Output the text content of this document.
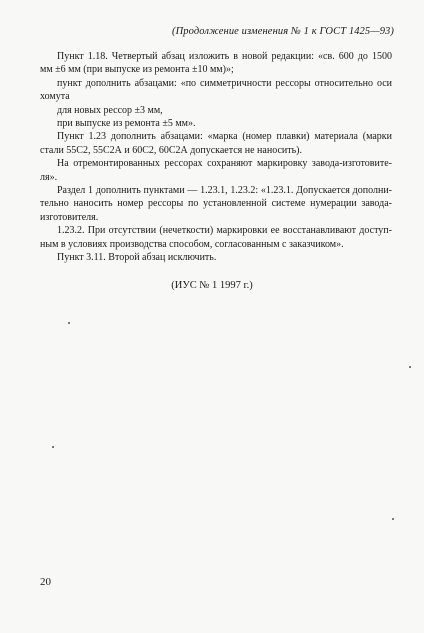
(Продолжение изменения № 1 к ГОСТ 1425—93)
Пункт 1.18. Четвертый абзац изложить в новой редакции: «св. 600 до 1500
мм ±6 мм (при выпуске из ремонта ±10 мм)»;
пункт дополнить абзацами: «по симметричности рессоры относительно оси
хомута
для новых рессор ±3 мм,
при выпуске из ремонта ±5 мм».
Пункт 1.23 дополнить абзацами: «марка (номер плавки) материала (марки
стали 55С2, 55С2А и 60С2, 60С2А допускается не наносить).
На отремонтированных рессорах сохраняют маркировку завода-изготовите-
ля».
Раздел 1 дополнить пунктами — 1.23.1, 1.23.2: «1.23.1. Допускается дополни-
тельно наносить номер рессоры по установленной системе нумерации завода-
изготовителя.
1.23.2. При отсутствии (нечеткости) маркировки ее восстанавливают доступ-
ным в условиях производства способом, согласованным с заказчиком».
Пункт 3.11. Второй абзац исключить.
(ИУС № 1 1997 г.)
20
